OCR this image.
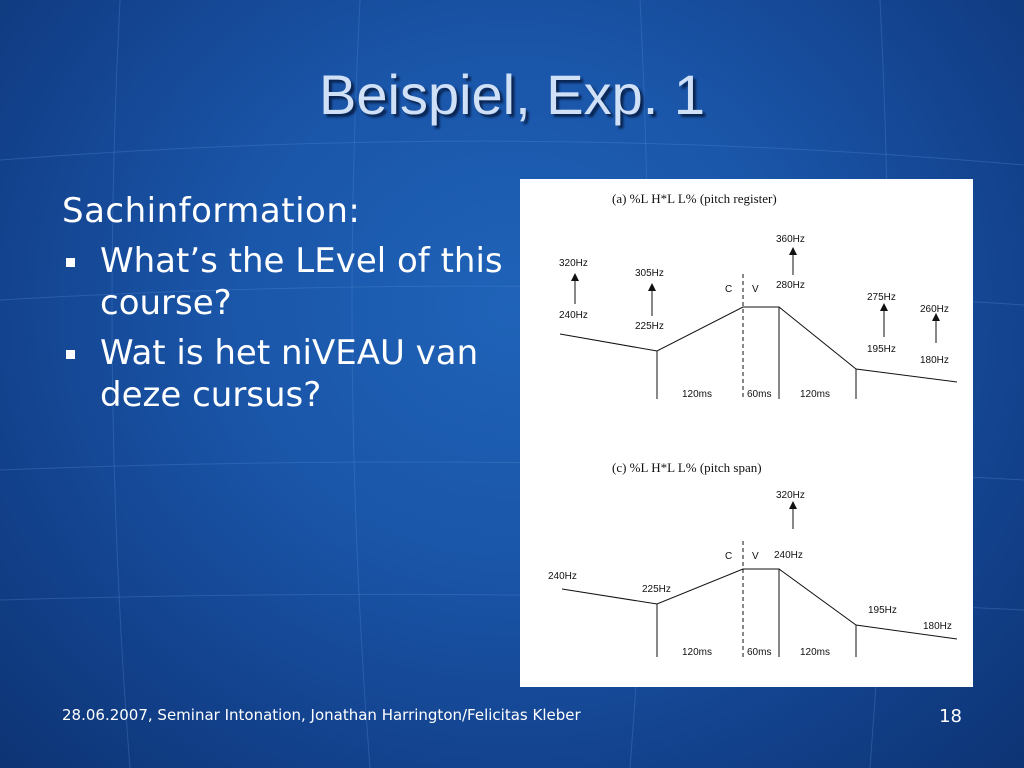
Beispiel, Exp. 1
Sachinformation:
What’s the LEvel of this course?
Wat is het niVEAU van deze cursus?
(a) %L H*L L% (pitch register)
320Hz
240Hz
305Hz
225Hz
360Hz
280Hz
275Hz
195Hz
260Hz
180Hz
C V
120ms	60ms	120ms
(c) %L H*L L% (pitch span)
320Hz
240Hz
225Hz
240Hz
195Hz
180Hz
C V
120ms	60ms	120ms
28.06.2007, Seminar Intonation, Jonathan Harrington/Felicitas Kleber	18
